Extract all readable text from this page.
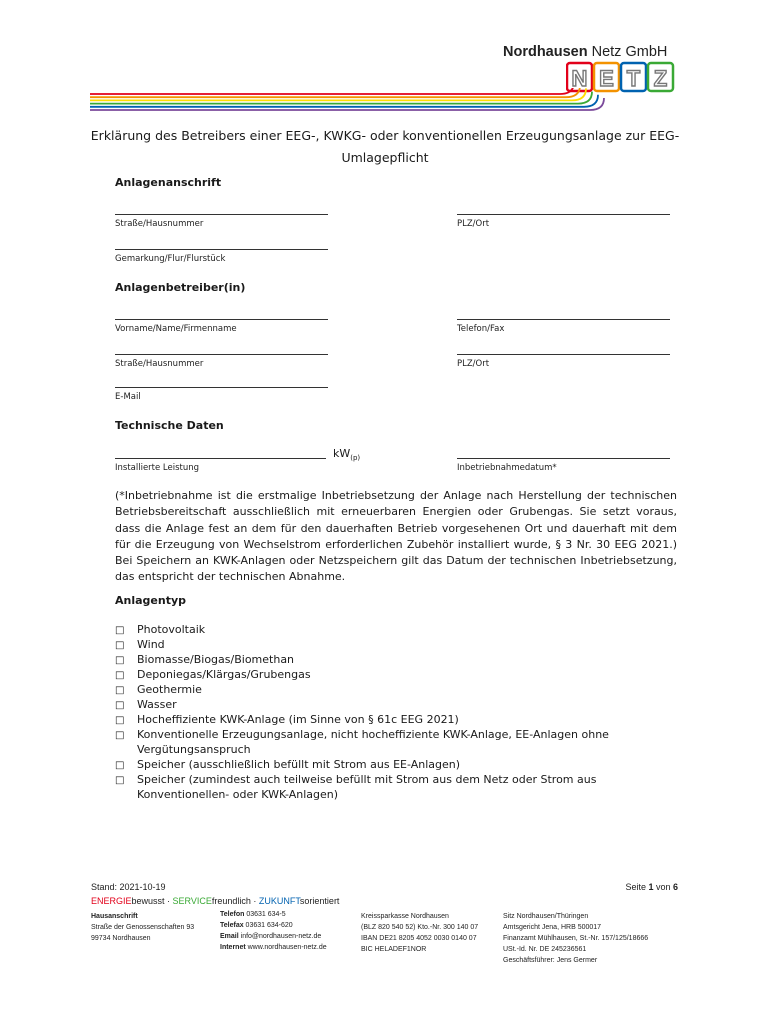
Nordhausen Netz GmbH
N E T Z
Erklärung des Betreibers einer EEG-, KWKG- oder konventionellen Erzeugungsanlage zur EEG-
Umlagepflicht
Anlagenanschrift
Straße/Hausnummer	PLZ/Ort
Gemarkung/Flur/Flurstück
Anlagenbetreiber(in)
Vorname/Name/Firmenname	Telefon/Fax
Straße/Hausnummer	PLZ/Ort
E-Mail
Technische Daten
$kW_{(p)}$
Installierte Leistung	Inbetriebnahmedatum*
(*Inbetriebnahme ist die erstmalige Inbetriebsetzung der Anlage nach Herstellung der technischen Betriebsbereitschaft ausschließlich mit erneuerbaren Energien oder Grubengas. Sie setzt voraus, dass die Anlage fest an dem für den dauerhaften Betrieb vorgesehenen Ort und dauerhaft mit dem für die Erzeugung von Wechselstrom erforderlichen Zubehör installiert wurde, § 3 Nr. 30 EEG 2021.) Bei Speichern an KWK-Anlagen oder Netzspeichern gilt das Datum der technischen Inbetriebsetzung, das entspricht der technischen Abnahme.
Anlagentyp
□ Photovoltaik
□ Wind
□ Biomasse/Biogas/Biomethan
□ Deponiegas/Klärgas/Grubengas
□ Geothermie
□ Wasser
□ Hocheffiziente KWK-Anlage (im Sinne von § 61c EEG 2021)
□ Konventionelle Erzeugungsanlage, nicht hocheffiziente KWK-Anlage, EE-Anlagen ohne Vergütungsanspruch
□ Speicher (ausschließlich befüllt mit Strom aus EE-Anlagen)
□ Speicher (zumindest auch teilweise befüllt mit Strom aus dem Netz oder Strom aus Konventionellen- oder KWK-Anlagen)
Stand: 2021-10-19	Seite 1 von 6
ENERGIEbewusst · SERVICEfreundlich · ZUKUNFTsorientiert
Hausanschrift
Straße der Genossenschaften 93
99734 Nordhausen
Telefon 03631 634-5
Telefax 03631 634-620
Email info@nordhausen-netz.de
Internet www.nordhausen-netz.de
Kreissparkasse Nordhausen
(BLZ 820 540 52) Kto.-Nr. 300 140 07
IBAN DE21 8205 4052 0030 0140 07
BIC HELADEF1NOR
Sitz Nordhausen/Thüringen
Amtsgericht Jena, HRB 500017
Finanzamt Mühlhausen, St.-Nr. 157/125/18666
USt.-Id. Nr. DE 245236561
Geschäftsführer: Jens Germer
